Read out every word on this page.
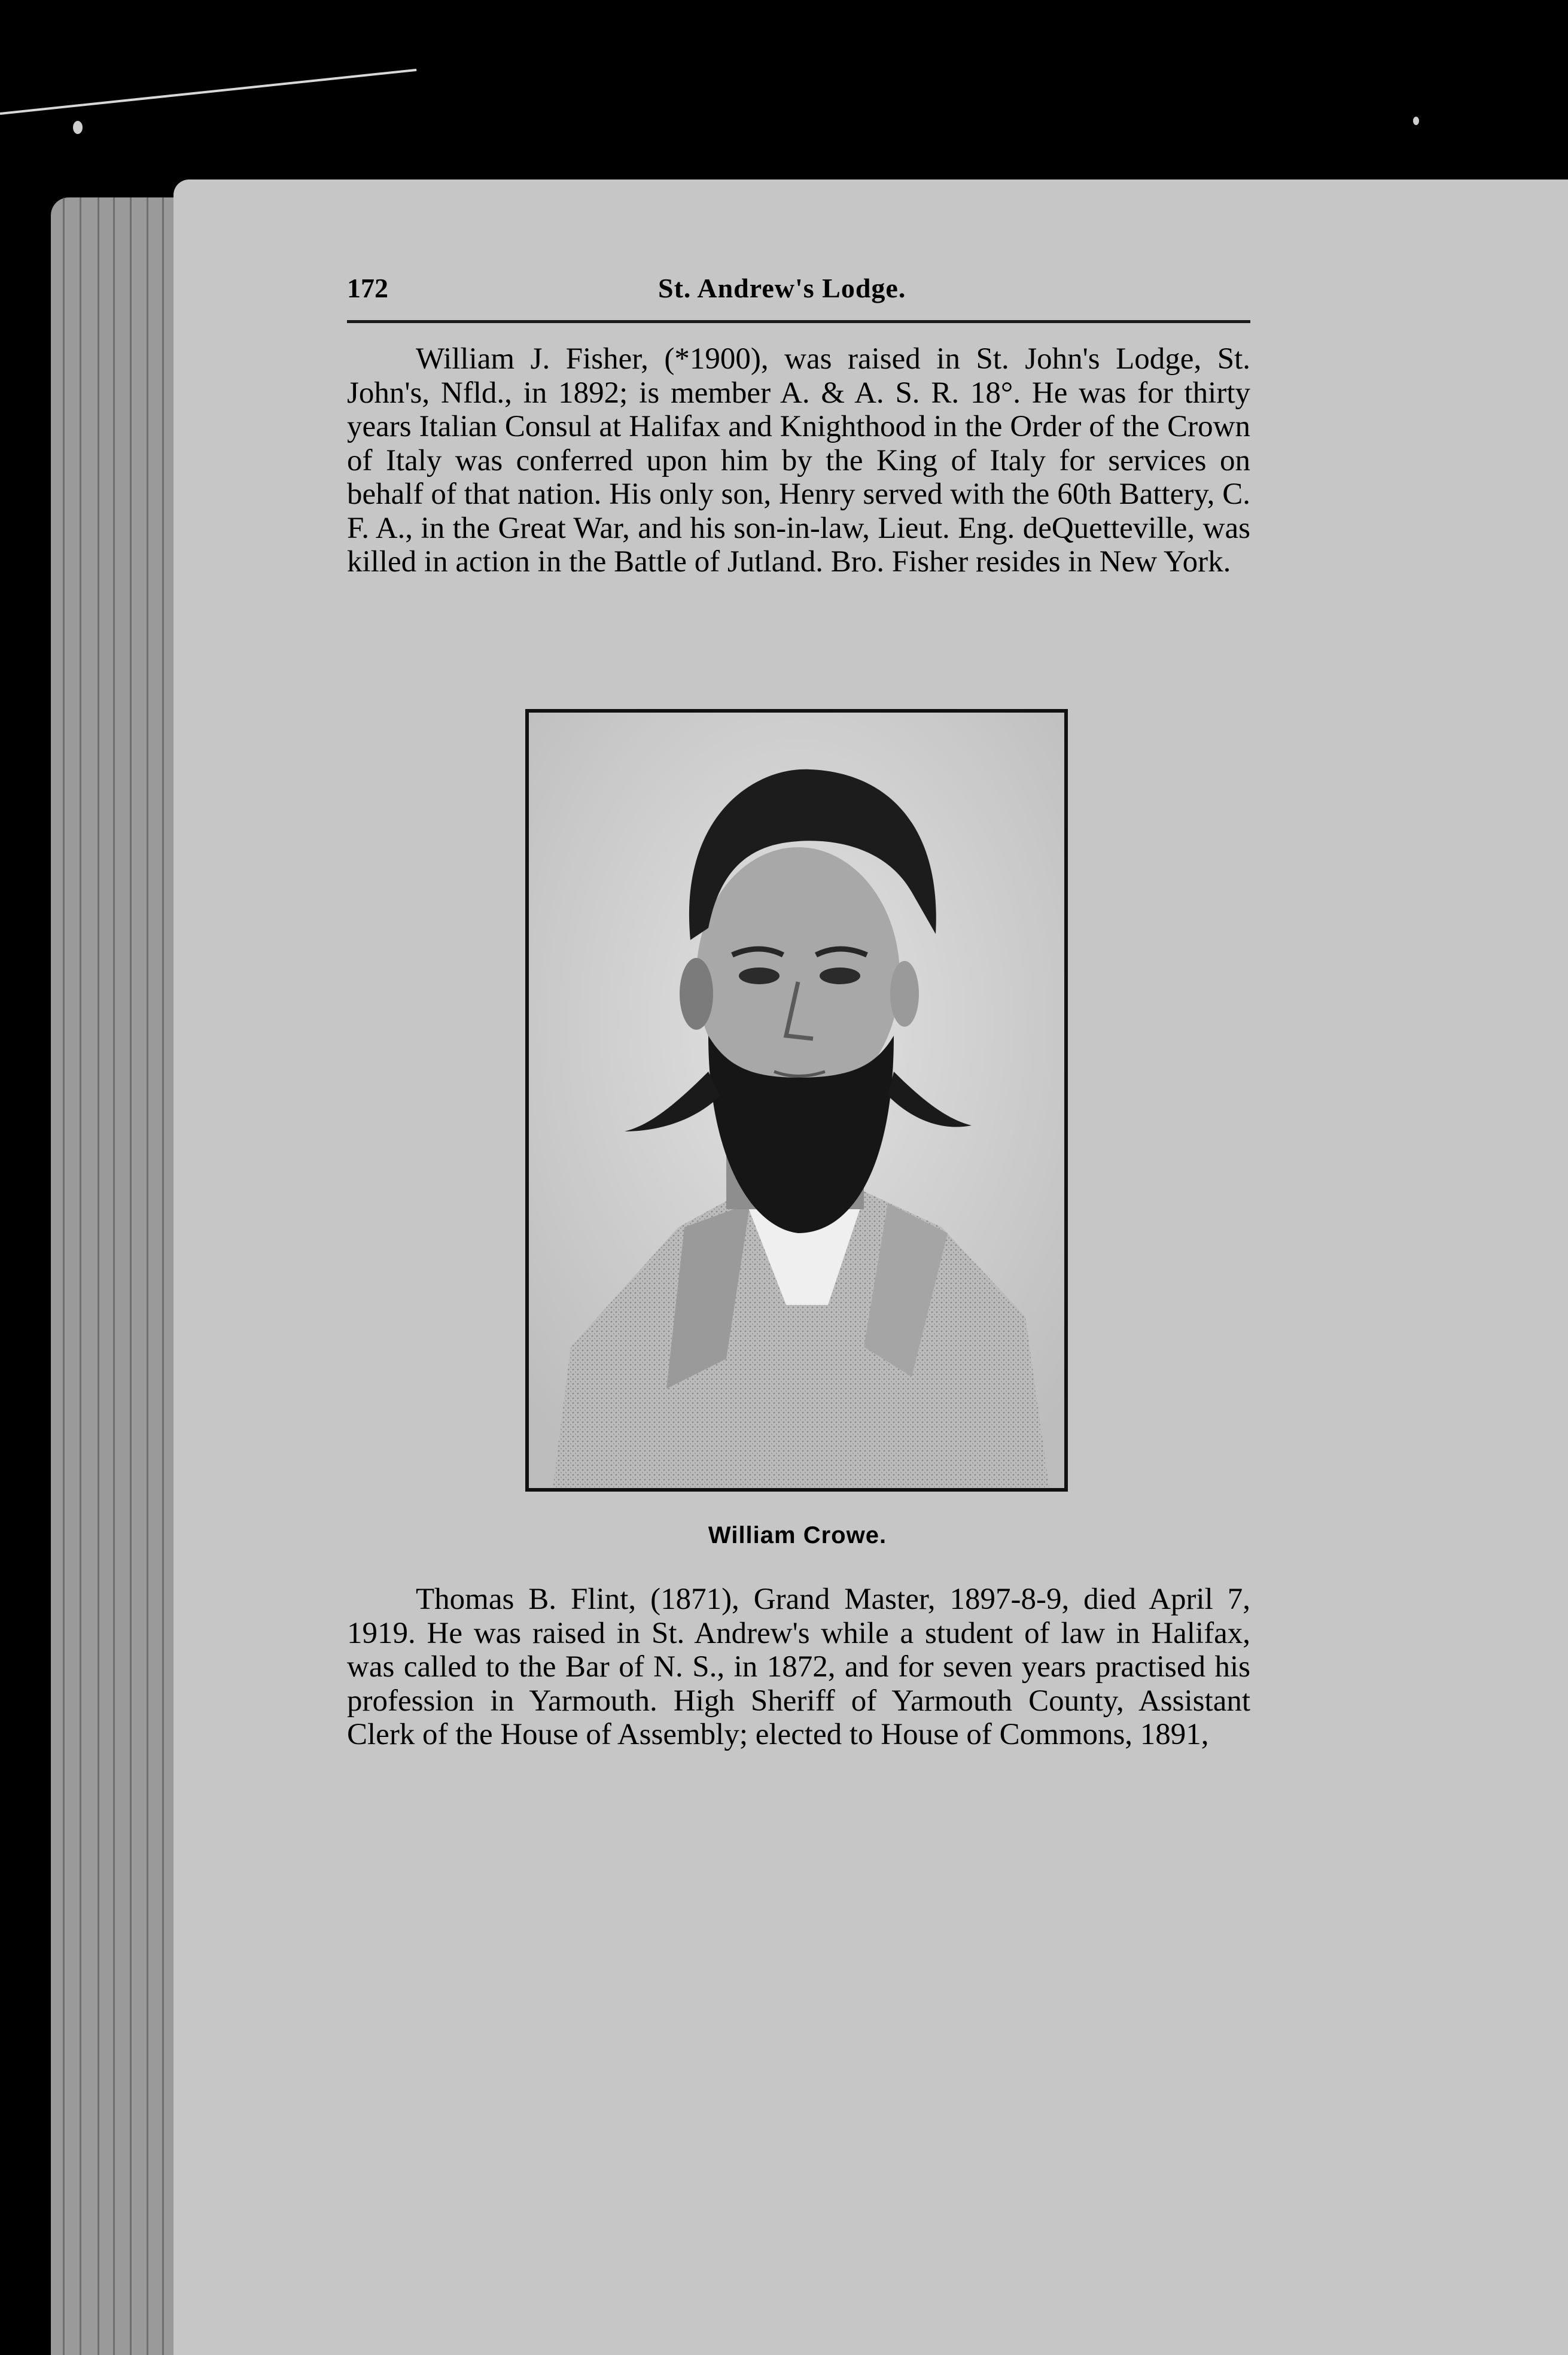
172	St. Andrew's Lodge.

William J. Fisher, (*1900), was raised in St. John's Lodge, St. John's, Nfld., in 1892; is member A. & A. S. R. 18°. He was for thirty years Italian Consul at Halifax and Knighthood in the Order of the Crown of Italy was conferred upon him by the King of Italy for services on behalf of that nation. His only son, Henry served with the 60th Battery, C. F. A., in the Great War, and his son-in-law, Lieut. Eng. deQuetteville, was killed in action in the Battle of Jutland. Bro. Fisher resides in New York.

William Crowe.

Thomas B. Flint, (1871), Grand Master, 1897-8-9, died April 7, 1919. He was raised in St. Andrew's while a student of law in Halifax, was called to the Bar of N. S., in 1872, and for seven years practised his profession in Yarmouth. High Sheriff of Yarmouth County, Assistant Clerk of the House of Assembly; elected to House of Commons, 1891,
